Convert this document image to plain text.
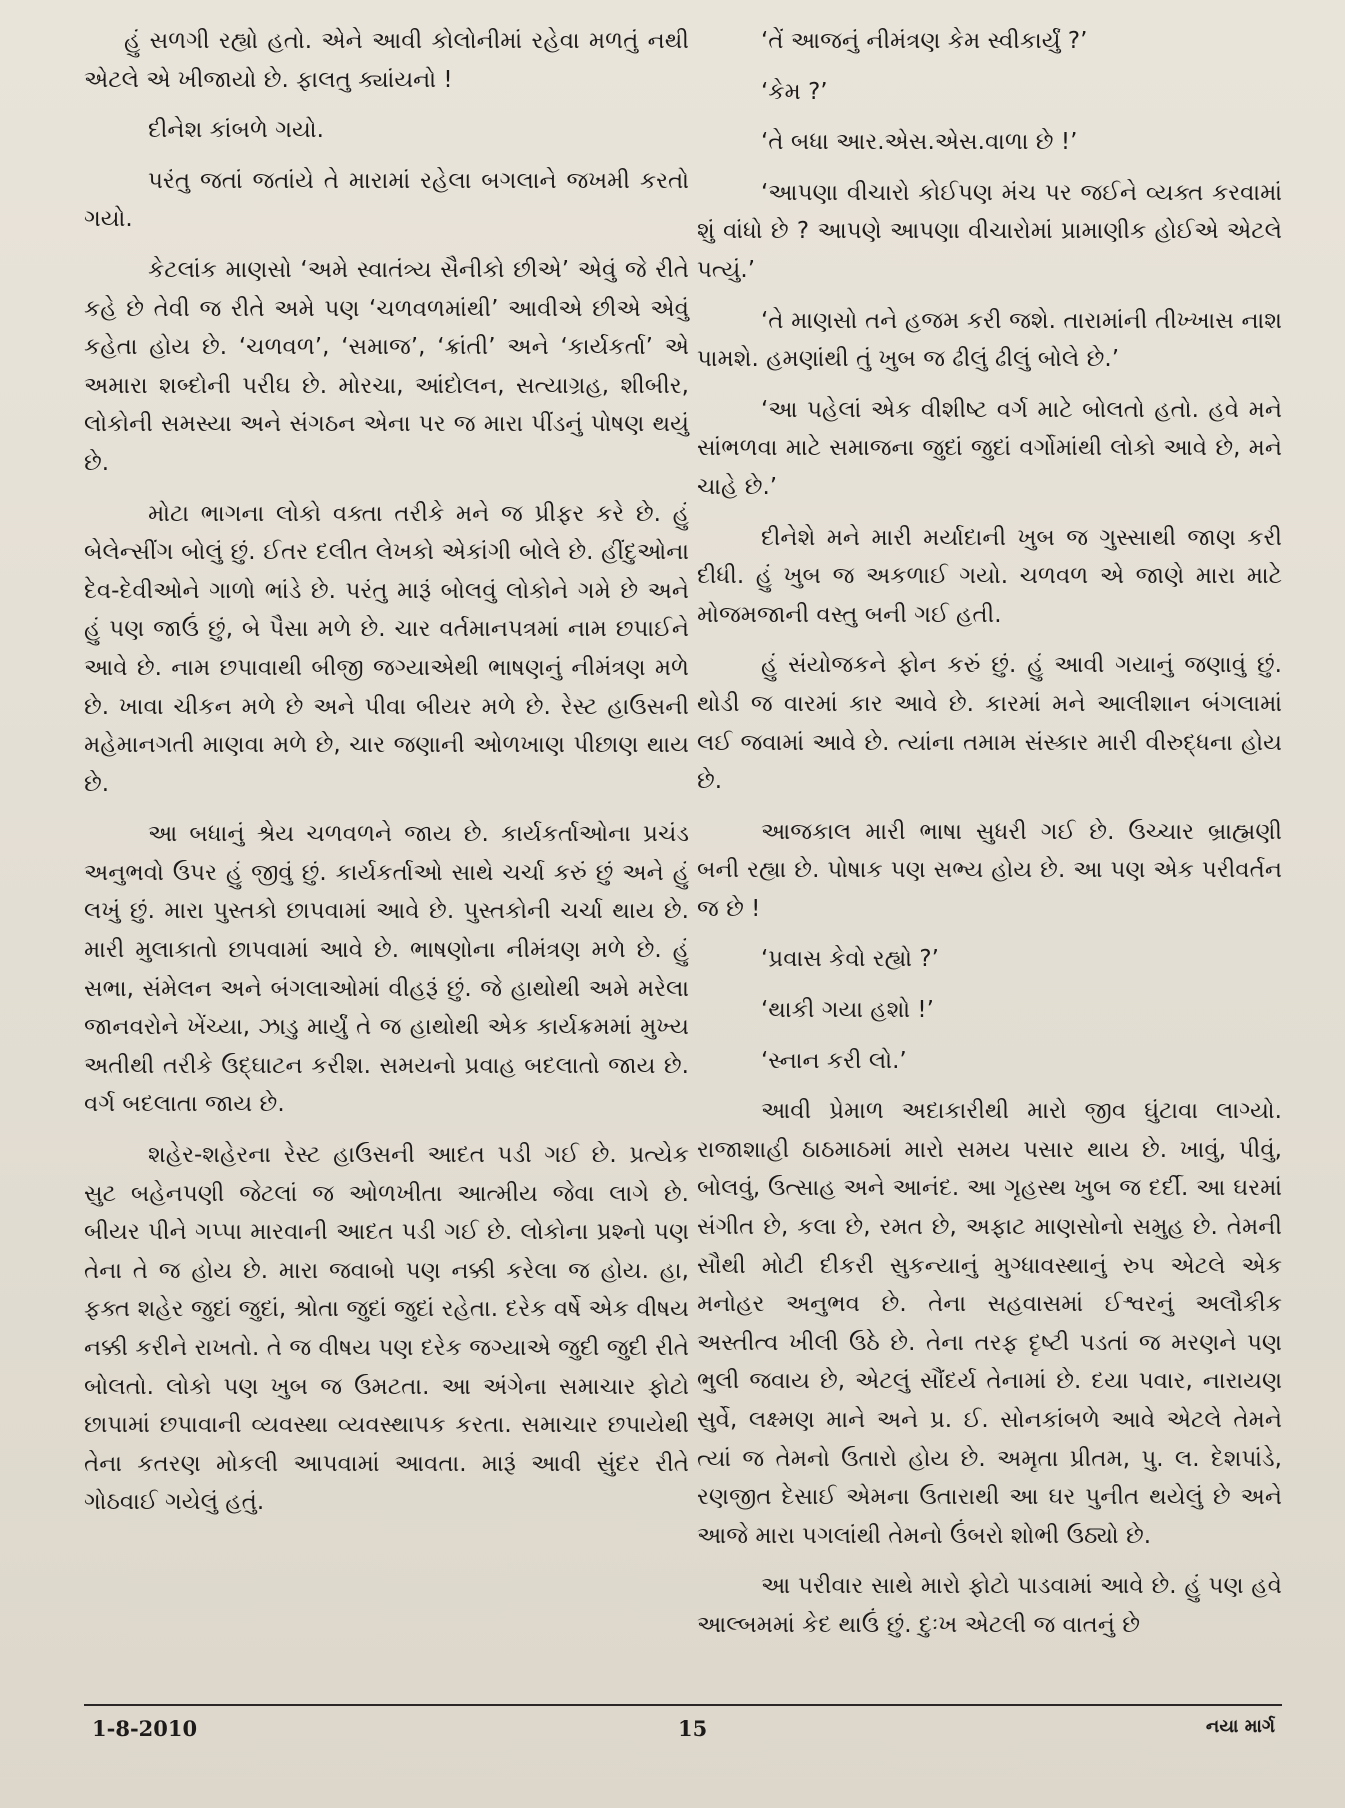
હું સળગી રહ્યો હતો. એને આવી કોલોનીમાં રહેવા મળતું નથી એટલે એ ખીજાયો છે. ફાલતુ ક્યાંયનો !

દીનેશ કાંબળે ગયો.

પરંતુ જતાં જતાંયે તે મારામાં રહેલા બગલાને જખમી કરતો ગયો.

કેટલાંક માણસો ‘અમે સ્વાતંત્ર્ય સૈનીકો છીએ’ એવું જે રીતે કહે છે તેવી જ રીતે અમે પણ ‘ચળવળમાંથી’ આવીએ છીએ એવું કહેતા હોય છે. ‘ચળવળ’, ‘સમાજ’, ‘ક્રાંતી’ અને ‘કાર્યકર્તા’ એ અમારા શબ્દોની પરીઘ છે. મોરચા, આંદોલન, સત્યાગ્રહ, શીબીર, લોકોની સમસ્યા અને સંગઠન એના પર જ મારા પીંડનું પોષણ થયું છે.

મોટા ભાગના લોકો વક્તા તરીકે મને જ પ્રીફર કરે છે. હું બેલેન્સીંગ બોલું છું. ઈતર દલીત લેખકો એકાંગી બોલે છે. હીંદુઓના દેવ-દેવીઓને ગાળો ભાંડે છે. પરંતુ મારૂં બોલવું લોકોને ગમે છે અને હું પણ જાઉં છું, બે પૈસા મળે છે. ચાર વર્તમાનપત્રમાં નામ છપાઈને આવે છે. નામ છપાવાથી બીજી જગ્યાએથી ભાષણનું નીમંત્રણ મળે છે. ખાવા ચીકન મળે છે અને પીવા બીયર મળે છે. રેસ્ટ હાઉસની મહેમાનગતી માણવા મળે છે, ચાર જણાની ઓળખાણ પીછાણ થાય છે.

આ બધાનું શ્રેય ચળવળને જાય છે. કાર્યકર્તાઓના પ્રચંડ અનુભવો ઉપર હું જીવું છું. કાર્યકર્તાઓ સાથે ચર્ચા કરું છું અને હું લખું છું. મારા પુસ્તકો છાપવામાં આવે છે. પુસ્તકોની ચર્ચા થાય છે. મારી મુલાકાતો છાપવામાં આવે છે. ભાષણોના નીમંત્રણ મળે છે. હું સભા, સંમેલન અને બંગલાઓમાં વીહરૂં છું. જે હાથોથી અમે મરેલા જાનવરોને ખેંચ્યા, ઝાડુ માર્યું તે જ હાથોથી એક કાર્યક્રમમાં મુખ્ય અતીથી તરીકે ઉદ્‌ઘાટન કરીશ. સમયનો પ્રવાહ બદલાતો જાય છે. વર્ગ બદલાતા જાય છે.

શહેર-શહેરના રેસ્ટ હાઉસની આદત પડી ગઈ છે. પ્રત્યેક સુટ બહેનપણી જેટલાં જ ઓળખીતા આત્મીય જેવા લાગે છે. બીયર પીને ગપ્પા મારવાની આદત પડી ગઈ છે. લોકોના પ્રશ્નો પણ તેના તે જ હોય છે. મારા જવાબો પણ નક્કી કરેલા જ હોય. હા, ફક્ત શહેર જુદાં જુદાં, શ્રોતા જુદાં જુદાં રહેતા. દરેક વર્ષે એક વીષય નક્કી કરીને રાખતો. તે જ વીષય પણ દરેક જગ્યાએ જુદી જુદી રીતે બોલતો. લોકો પણ ખુબ જ ઉમટતા. આ અંગેના સમાચાર ફોટો છાપામાં છપાવાની વ્યવસ્થા વ્યવસ્થાપક કરતા. સમાચાર છપાયેથી તેના કતરણ મોકલી આપવામાં આવતા. મારૂં આવી સુંદર રીતે ગોઠવાઈ ગયેલું હતું.

‘તેં આજનું નીમંત્રણ કેમ સ્વીકાર્યું ?’

‘કેમ ?’

‘તે બધા આર.એસ.એસ.વાળા છે !’

‘આપણા વીચારો કોઈપણ મંચ પર જઈને વ્યક્ત કરવામાં શું વાંધો છે ? આપણે આપણા વીચારોમાં પ્રામાણીક હોઈએ એટલે પત્યું.’

‘તે માણસો તને હજમ કરી જશે. તારામાંની તીખ્ખાસ નાશ પામશે. હમણાંથી તું ખુબ જ ઢીલું ઢીલું બોલે છે.’

‘આ પહેલાં એક વીશીષ્ટ વર્ગ માટે બોલતો હતો. હવે મને સાંભળવા માટે સમાજના જુદાં જુદાં વર્ગોમાંથી લોકો આવે છે, મને ચાહે છે.’

દીનેશે મને મારી મર્યાદાની ખુબ જ ગુસ્સાથી જાણ કરી દીધી. હું ખુબ જ અકળાઈ ગયો. ચળવળ એ જાણે મારા માટે મોજમજાની વસ્તુ બની ગઈ હતી.

હું સંયોજકને ફોન કરું છું. હું આવી ગયાનું જણાવું છું. થોડી જ વારમાં કાર આવે છે. કારમાં મને આલીશાન બંગલામાં લઈ જવામાં આવે છે. ત્યાંના તમામ સંસ્કાર મારી વીરુદ્ધના હોય છે.

આજકાલ મારી ભાષા સુધરી ગઈ છે. ઉચ્ચાર બ્રાહ્મણી બની રહ્યા છે. પોષાક પણ સભ્ય હોય છે. આ પણ એક પરીવર્તન જ છે !

‘પ્રવાસ કેવો રહ્યો ?’

‘થાકી ગયા હશો !’

‘સ્નાન કરી લો.’

આવી પ્રેમાળ અદાકારીથી મારો જીવ ઘુંટાવા લાગ્યો. રાજાશાહી ઠાઠમાઠમાં મારો સમય પસાર થાય છે. ખાવું, પીવું, બોલવું, ઉત્સાહ અને આનંદ. આ ગૃહસ્થ ખુબ જ દર્દી. આ ઘરમાં સંગીત છે, કલા છે, રમત છે, અફાટ માણસોનો સમુહ છે. તેમની સૌથી મોટી દીકરી સુકન્યાનું મુગ્ધાવસ્થાનું રુપ એટલે એક મનોહર અનુભવ છે. તેના સહવાસમાં ઈશ્વરનું અલૌકીક અસ્તીત્વ ખીલી ઉઠે છે. તેના તરફ દૃષ્ટી પડતાં જ મરણને પણ ભુલી જવાય છે, એટલું સૌંદર્ય તેનામાં છે. દયા પવાર, નારાયણ સુર્વે, લક્ષ્મણ માને અને પ્ર. ઈ. સોનકાંબળે આવે એટલે તેમને ત્યાં જ તેમનો ઉતારો હોય છે. અમૃતા પ્રીતમ, પુ. લ. દેશપાંડે, રણજીત દેસાઈ એમના ઉતારાથી આ ઘર પુનીત થયેલું છે અને આજે મારા પગલાંથી તેમનો ઉંબરો શોભી ઉઠ્યો છે.

આ પરીવાર સાથે મારો ફોટો પાડવામાં આવે છે. હું પણ હવે આલ્બમમાં કેદ થાઉં છું. દુઃખ એટલી જ વાતનું છે

1-8-2010	15	નયા માર્ગ
